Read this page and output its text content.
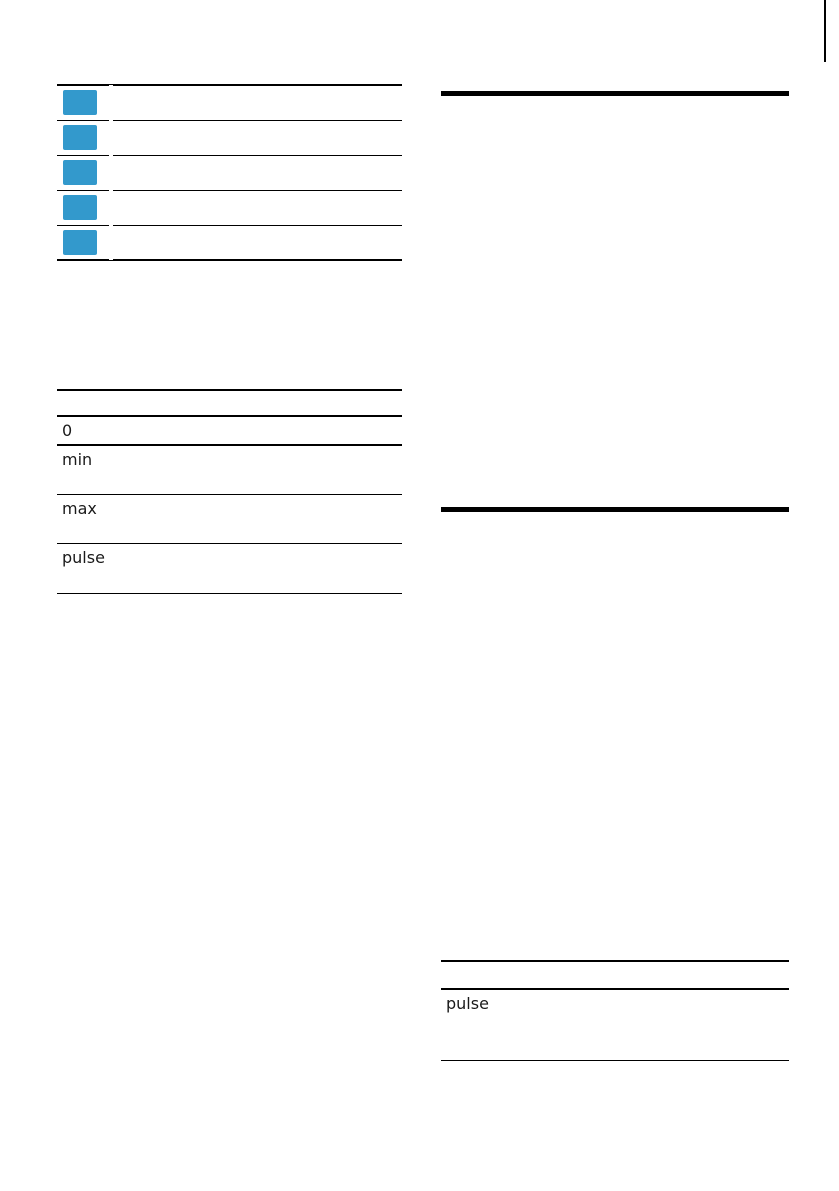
0
min
max
pulse
pulse
